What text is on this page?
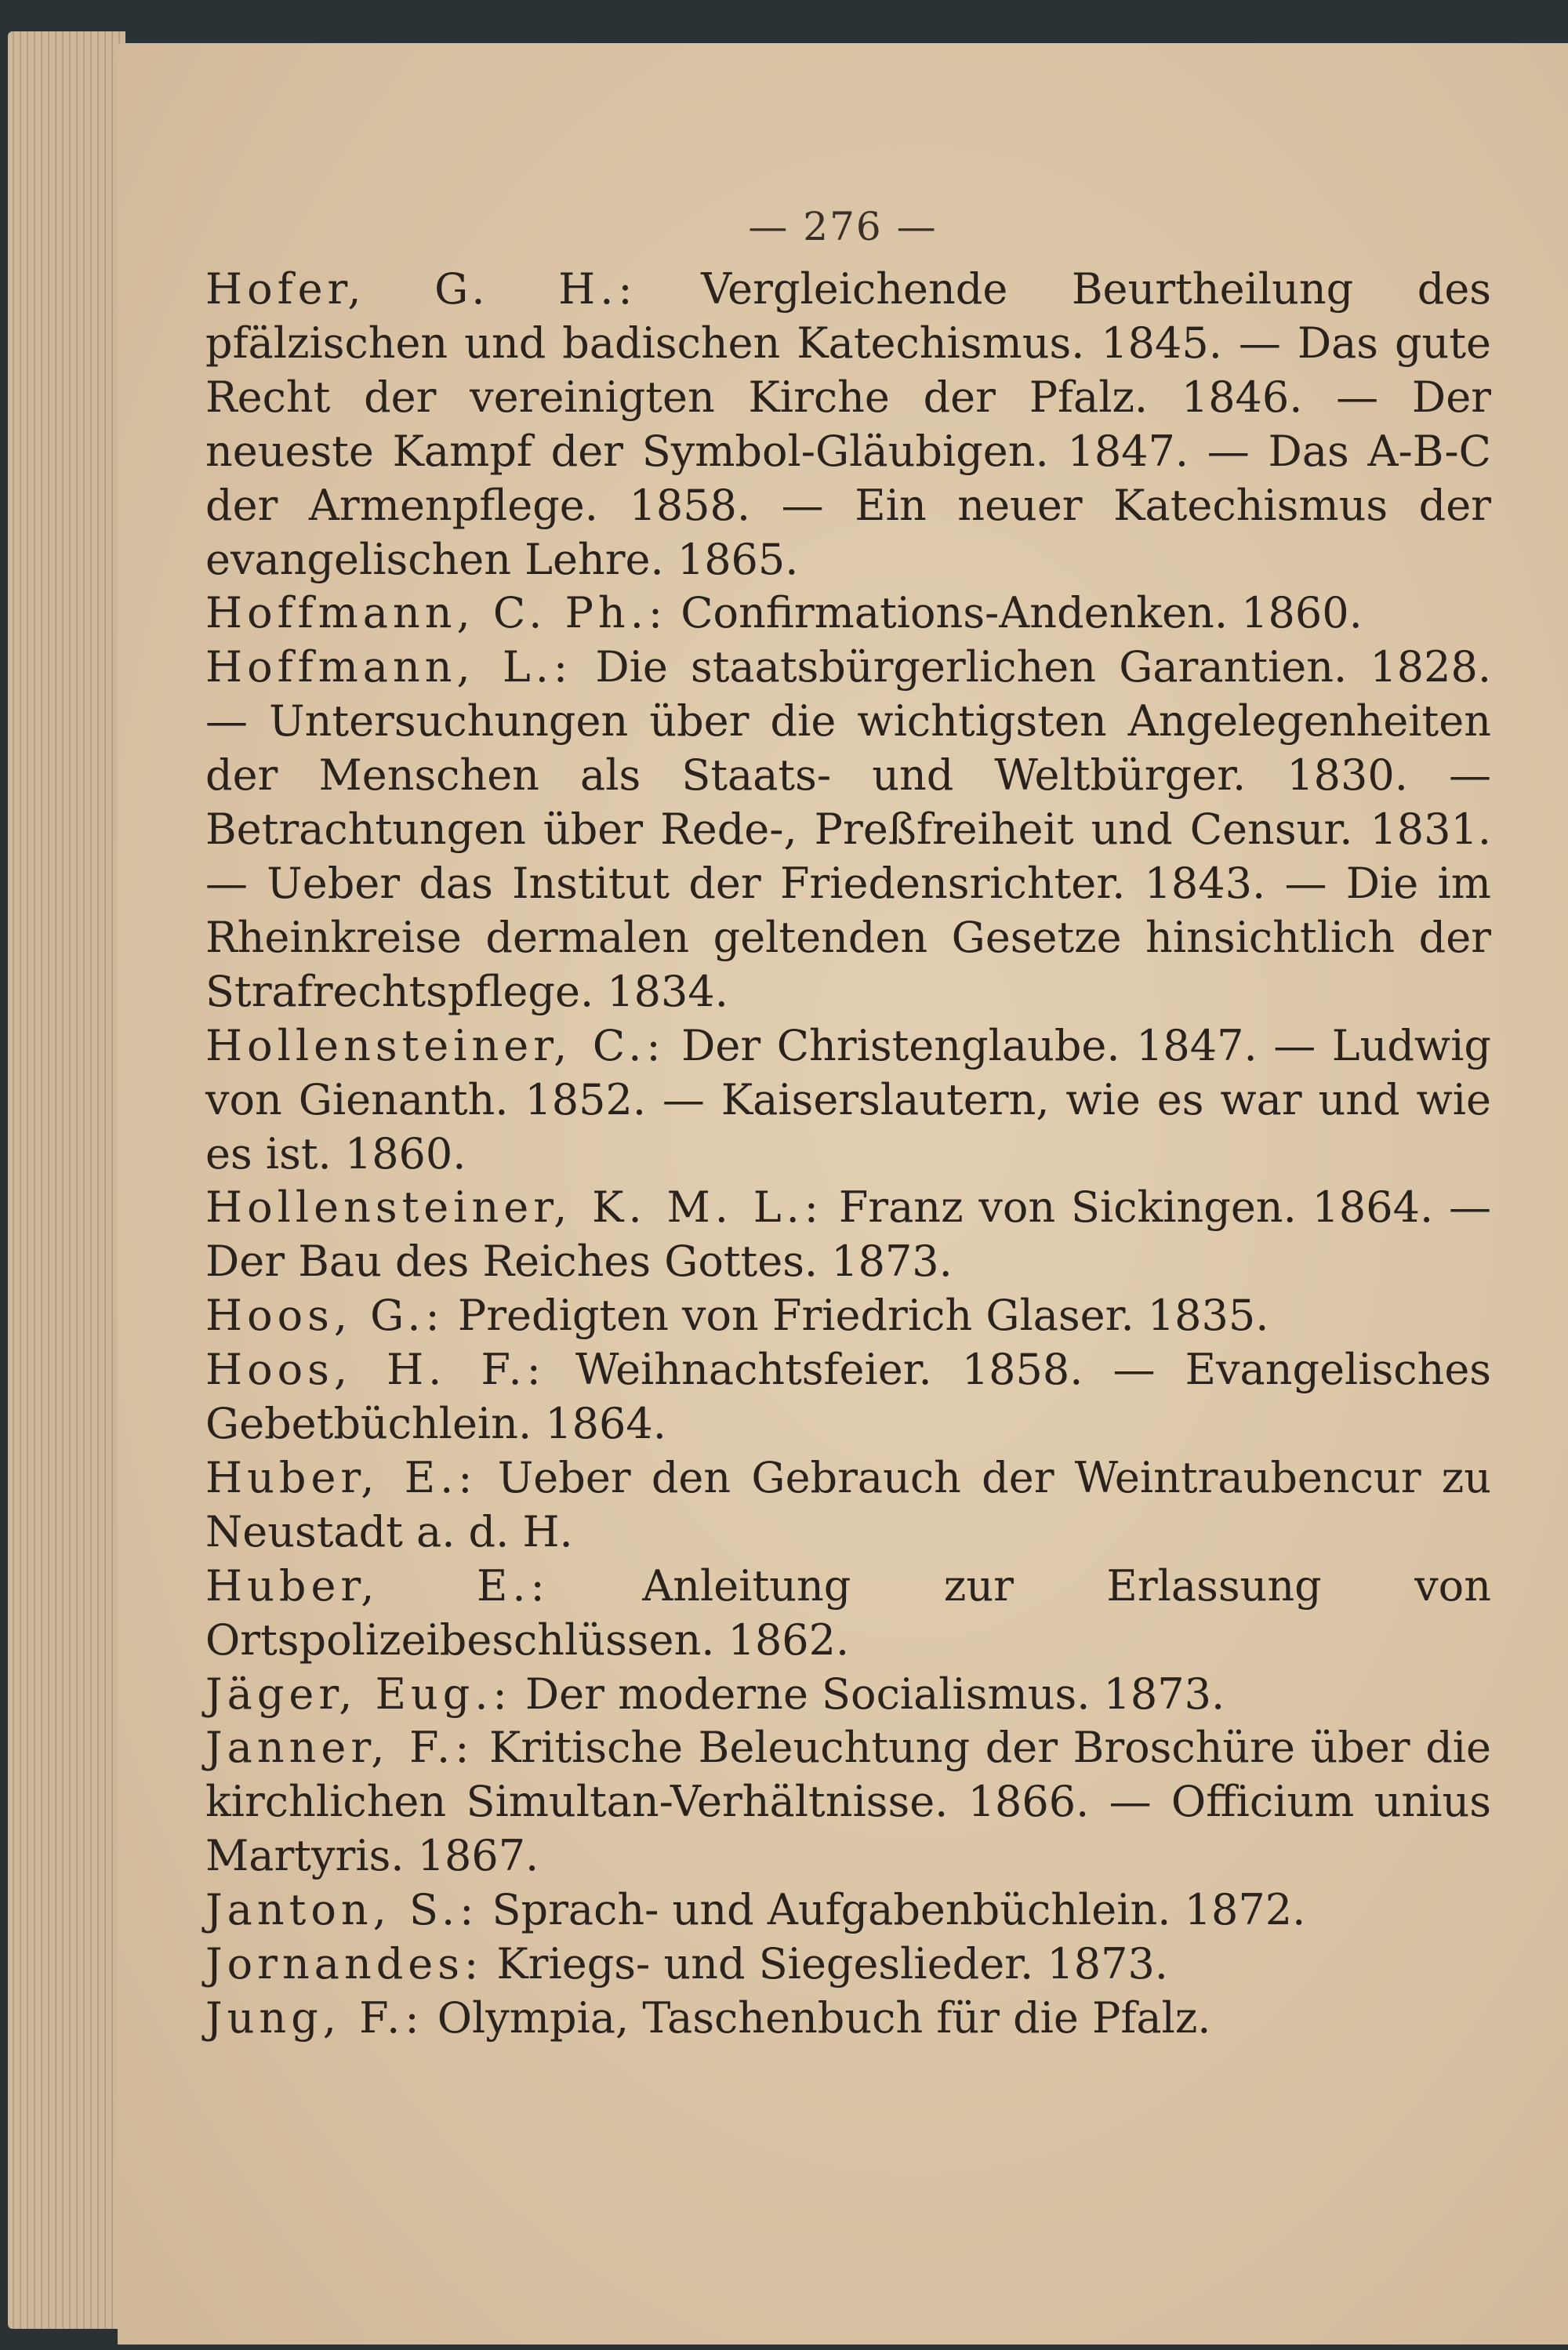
— 276 —

Hofer, G. H.: Vergleichende Beurtheilung des pfälzischen und badischen Katechismus. 1845. — Das gute Recht der vereinigten Kirche der Pfalz. 1846. — Der neueste Kampf der Symbol-Gläubigen. 1847. — Das A-B-C der Armenpflege. 1858. — Ein neuer Katechismus der evangelischen Lehre. 1865.

Hoffmann, C. Ph.: Confirmations-Andenken. 1860.

Hoffmann, L.: Die staatsbürgerlichen Garantien. 1828. — Untersuchungen über die wichtigsten Angelegenheiten der Menschen als Staats- und Weltbürger. 1830. — Betrachtungen über Rede-, Preßfreiheit und Censur. 1831. — Ueber das Institut der Friedensrichter. 1843. — Die im Rheinkreise dermalen geltenden Gesetze hinsichtlich der Strafrechtspflege. 1834.

Hollensteiner, C.: Der Christenglaube. 1847. — Ludwig von Gienanth. 1852. — Kaiserslautern, wie es war und wie es ist. 1860.

Hollensteiner, K. M. L.: Franz von Sickingen. 1864. — Der Bau des Reiches Gottes. 1873.

Hoos, G.: Predigten von Friedrich Glaser. 1835.

Hoos, H. F.: Weihnachtsfeier. 1858. — Evangelisches Gebetbüchlein. 1864.

Huber, E.: Ueber den Gebrauch der Weintraubencur zu Neustadt a. d. H.

Huber, E.: Anleitung zur Erlassung von Ortspolizeibeschlüssen. 1862.

Jäger, Eug.: Der moderne Socialismus. 1873.

Janner, F.: Kritische Beleuchtung der Broschüre über die kirchlichen Simultan-Verhältnisse. 1866. — Officium unius Martyris. 1867.

Janton, S.: Sprach- und Aufgabenbüchlein. 1872.

Jornandes: Kriegs- und Siegeslieder. 1873.

Jung, F.: Olympia, Taschenbuch für die Pfalz.
